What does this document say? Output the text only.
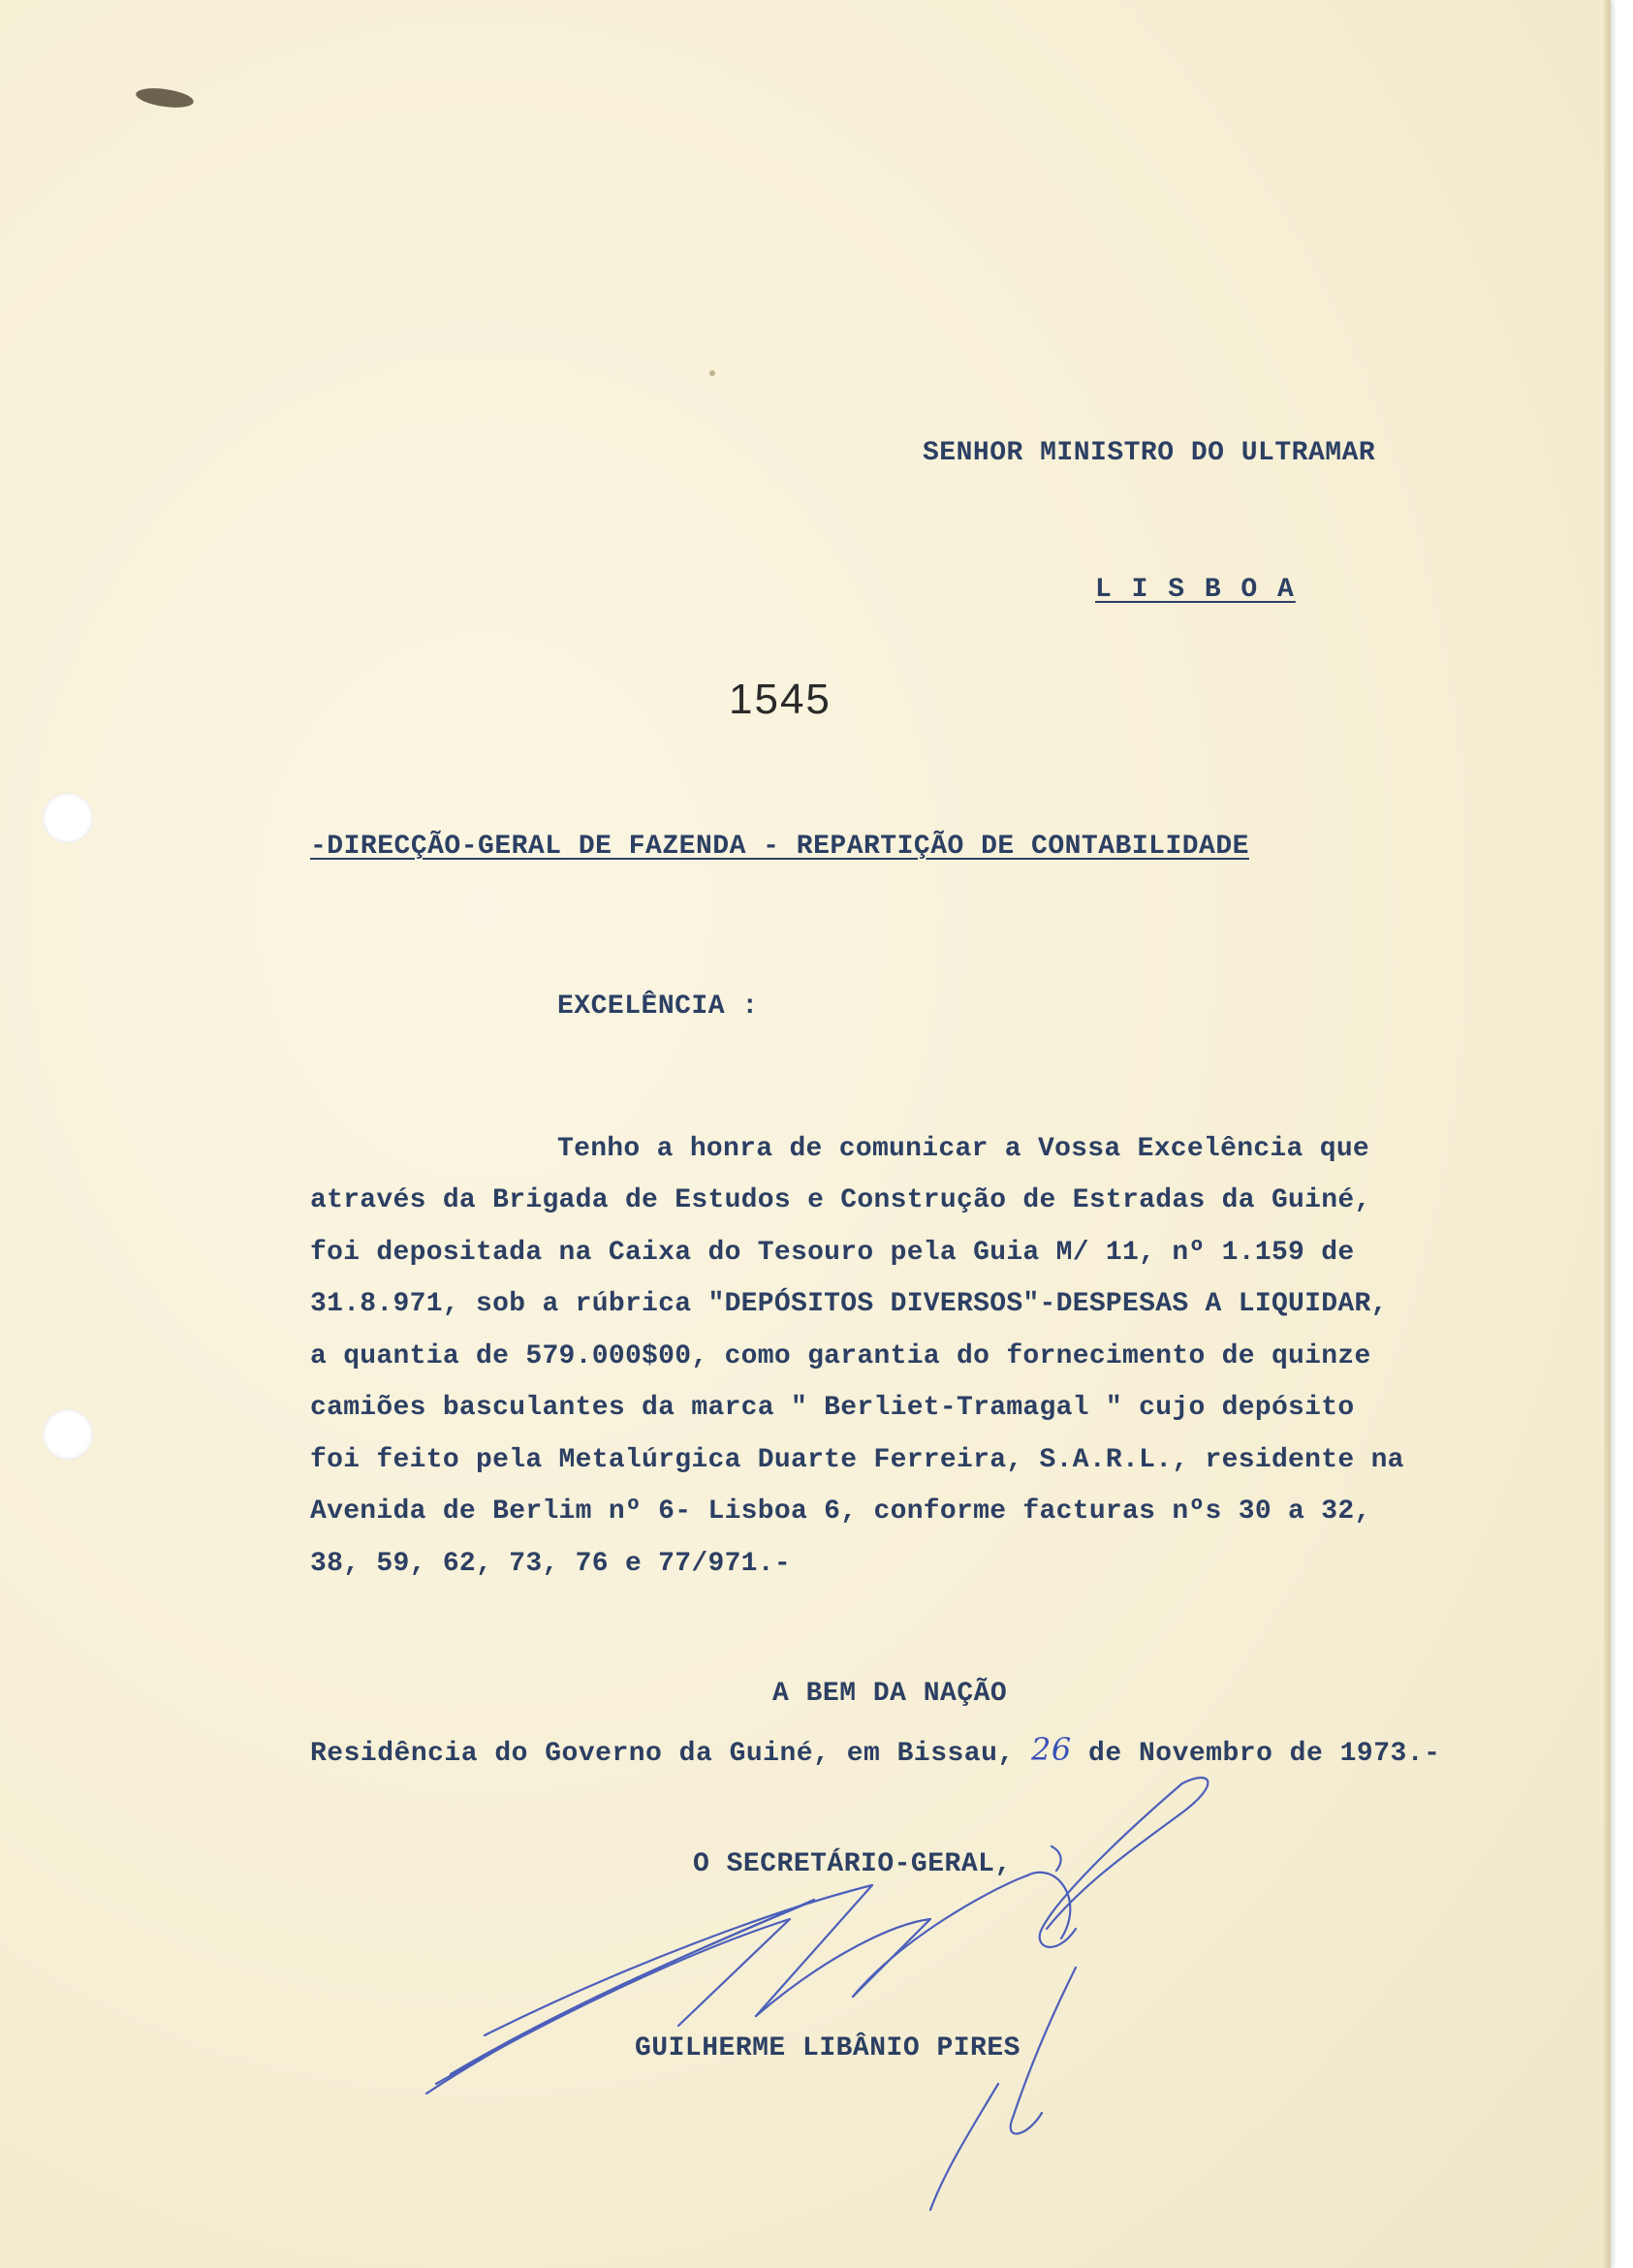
SENHOR MINISTRO DO ULTRAMAR
L I S B O A
1545
-DIRECÇÃO-GERAL DE FAZENDA - REPARTIÇÃO DE CONTABILIDADE
EXCELÊNCIA :
Tenho a honra de comunicar a Vossa Excelência que
através da Brigada de Estudos e Construção de Estradas da Guiné,
foi depositada na Caixa do Tesouro pela Guia M/ 11, nº 1.159 de
31.8.971, sob a rúbrica "DEPÓSITOS DIVERSOS"-DESPESAS A LIQUIDAR,
a quantia de 579.000$00, como garantia do fornecimento de quinze
camiões basculantes da marca " Berliet-Tramagal " cujo depósito
foi feito pela Metalúrgica Duarte Ferreira, S.A.R.L., residente na
Avenida de Berlim nº 6- Lisboa 6, conforme facturas nºs 30 a 32,
38, 59, 62, 73, 76 e 77/971.-
A BEM DA NAÇÃO
Residência do Governo da Guiné, em Bissau, 26 de Novembro de 1973.-
O SECRETÁRIO-GERAL,
GUILHERME LIBÂNIO PIRES
